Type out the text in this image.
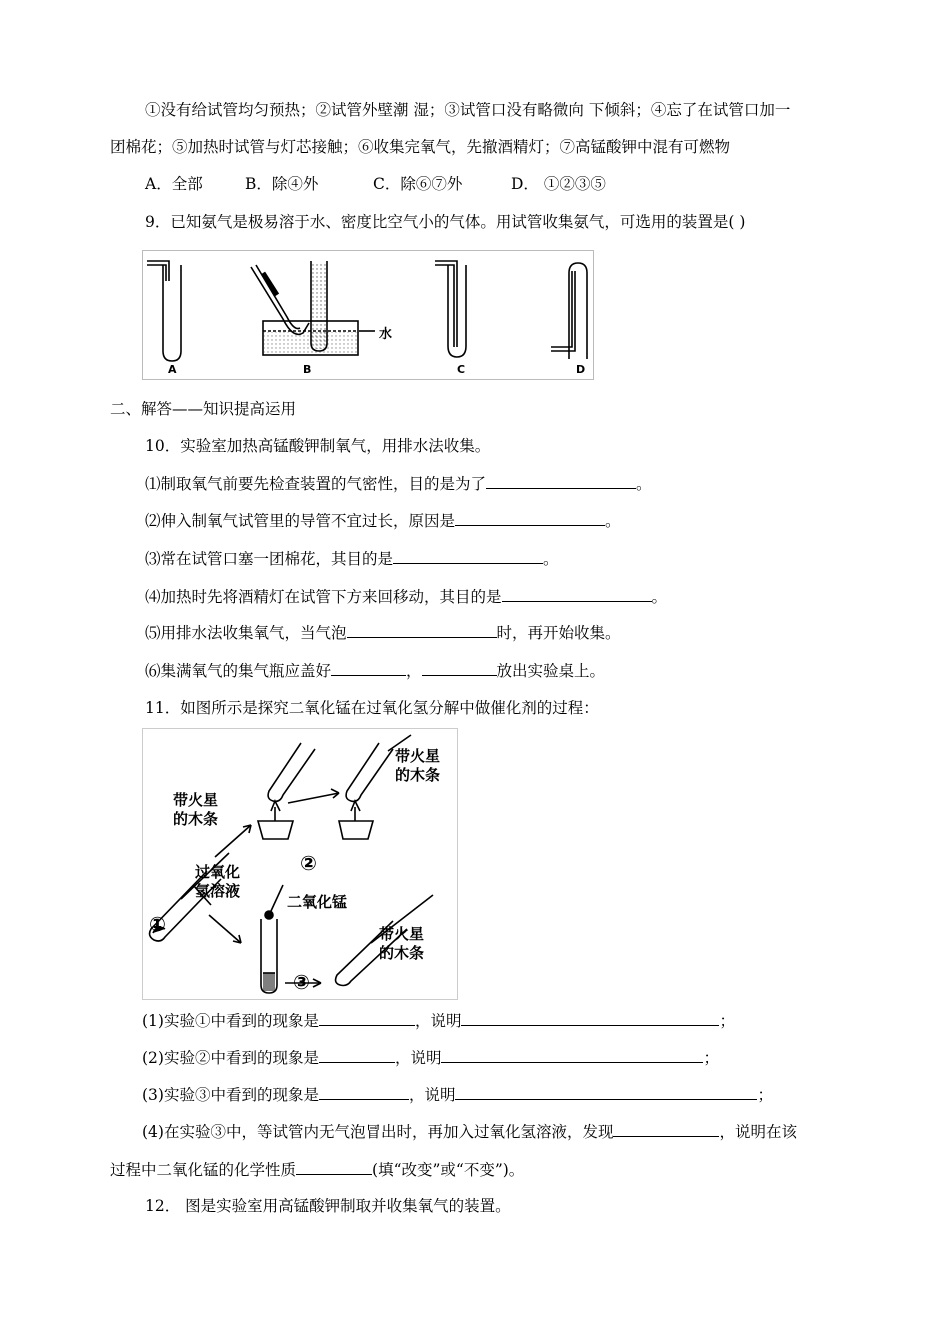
①没有给试管均匀预热；②试管外壁潮 湿；③试管口没有略微向 下倾斜；④忘了在试管口加一
团棉花；⑤加热时试管与灯芯接触；⑥收集完氧气，先撤酒精灯；⑦高锰酸钾中混有可燃物
A．全部	B．除④外	C．除⑥⑦外	D． ①②③⑤
9．已知氨气是极易溶于水、密度比空气小的气体。用试管收集氨气，可选用的装置是( )
A	B	C	D
水
二、解答——知识提高运用
10．实验室加热高锰酸钾制氧气，用排水法收集。
⑴制取氧气前要先检查装置的气密性，目的是为了	。
⑵伸入制氧气试管里的导管不宜过长，原因是	。
⑶常在试管口塞一团棉花，其目的是	。
⑷加热时先将酒精灯在试管下方来回移动，其目的是	。
⑸用排水法收集氧气，当气泡	时，再开始收集。
⑹集满氧气的集气瓶应盖好	，	放出实验桌上。
11．如图所示是探究二氧化锰在过氧化氢分解中做催化剂的过程：
带火星
的木条
带火星
的木条
过氧化
氢溶液
二氧化锰
带火星
的木条
①
②
③
(1)实验①中看到的现象是	，说明	；
(2)实验②中看到的现象是	，说明	；
(3)实验③中看到的现象是	，说明	；
(4)在实验③中，等试管内无气泡冒出时，再加入过氧化氢溶液，发现	，说明在该
过程中二氧化锰的化学性质	(填“改变”或“不变”)。
12． 图是实验室用高锰酸钾制取并收集氧气的装置。
